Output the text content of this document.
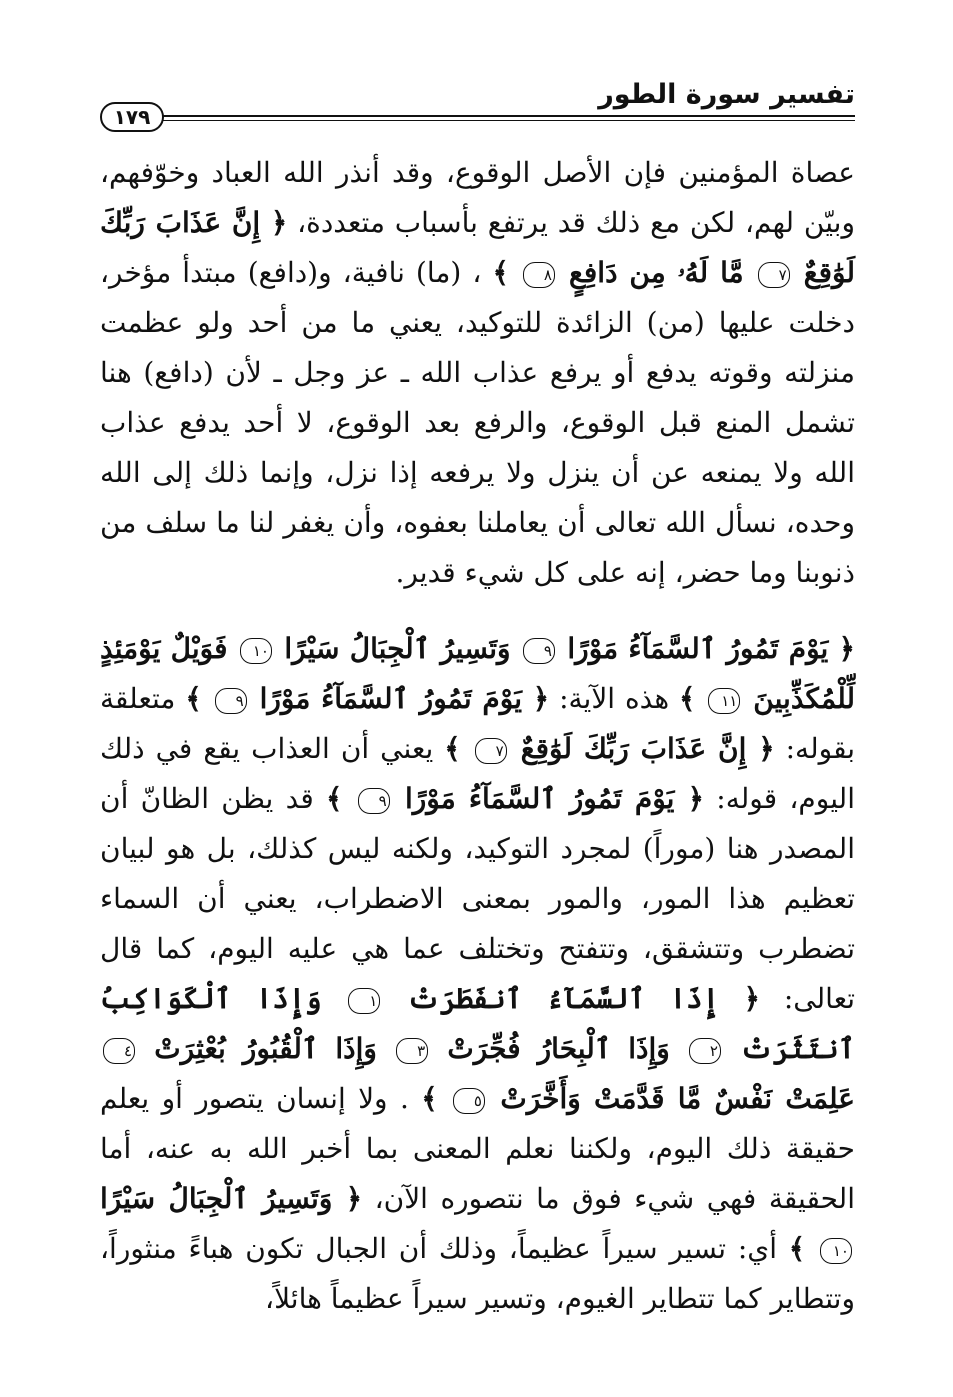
تفسير سورة الطور
١٧٩

عصاة المؤمنين فإن الأصل الوقوع، وقد أنذر الله العباد وخوّفهم، وبيّن لهم، لكن مع ذلك قد يرتفع بأسباب متعددة، ﴿ إِنَّ عَذَابَ رَبِّكَ لَوَٰقِعٌ ٧ مَّا لَهُۥ مِن دَافِعٍ ٨ ﴾ ، (ما) نافية، و(دافع) مبتدأ مؤخر، دخلت عليها (من) الزائدة للتوكيد، يعني ما من أحد ولو عظمت منزلته وقوته يدفع أو يرفع عذاب الله ـ عز وجل ـ لأن (دافع) هنا تشمل المنع قبل الوقوع، والرفع بعد الوقوع، لا أحد يدفع عذاب الله ولا يمنعه عن أن ينزل ولا يرفعه إذا نزل، وإنما ذلك إلى الله وحده، نسأل الله تعالى أن يعاملنا بعفوه، وأن يغفر لنا ما سلف من ذنوبنا وما حضر، إنه على كل شيء قدير.

﴿ يَوْمَ تَمُورُ ٱلسَّمَآءُ مَوْرًا ٩ وَتَسِيرُ ٱلْجِبَالُ سَيْرًا ١٠ فَوَيْلٌ يَوْمَئِذٍ لِّلْمُكَذِّبِينَ ١١ ﴾ هذه الآية: ﴿ يَوْمَ تَمُورُ ٱلسَّمَآءُ مَوْرًا ٩ ﴾ متعلقة بقوله: ﴿ إِنَّ عَذَابَ رَبِّكَ لَوَٰقِعٌ ٧ ﴾ يعني أن العذاب يقع في ذلك اليوم، قوله: ﴿ يَوْمَ تَمُورُ ٱلسَّمَآءُ مَوْرًا ٩ ﴾ قد يظن الظانّ أن المصدر هنا (موراً) لمجرد التوكيد، ولكنه ليس كذلك، بل هو لبيان تعظيم هذا المور، والمور بمعنى الاضطراب، يعني أن السماء تضطرب وتتشقق، وتتفتح وتختلف عما هي عليه اليوم، كما قال تعالى: ﴿ إِذَا ٱلسَّمَآءُ ٱنفَطَرَتْ ١ وَإِذَا ٱلْكَوَاكِبُ ٱنتَثَرَتْ ٢ وَإِذَا ٱلْبِحَارُ فُجِّرَتْ ٣ وَإِذَا ٱلْقُبُورُ بُعْثِرَتْ ٤ عَلِمَتْ نَفْسٌ مَّا قَدَّمَتْ وَأَخَّرَتْ ٥ ﴾ . ولا إنسان يتصور أو يعلم حقيقة ذلك اليوم، ولكننا نعلم المعنى بما أخبر الله به عنه، أما الحقيقة فهي شيء فوق ما نتصوره الآن، ﴿ وَتَسِيرُ ٱلْجِبَالُ سَيْرًا ١٠ ﴾ أي: تسير سيراً عظيماً، وذلك أن الجبال تكون هباءً منثوراً، وتتطاير كما تتطاير الغيوم، وتسير سيراً عظيماً هائلاً،
